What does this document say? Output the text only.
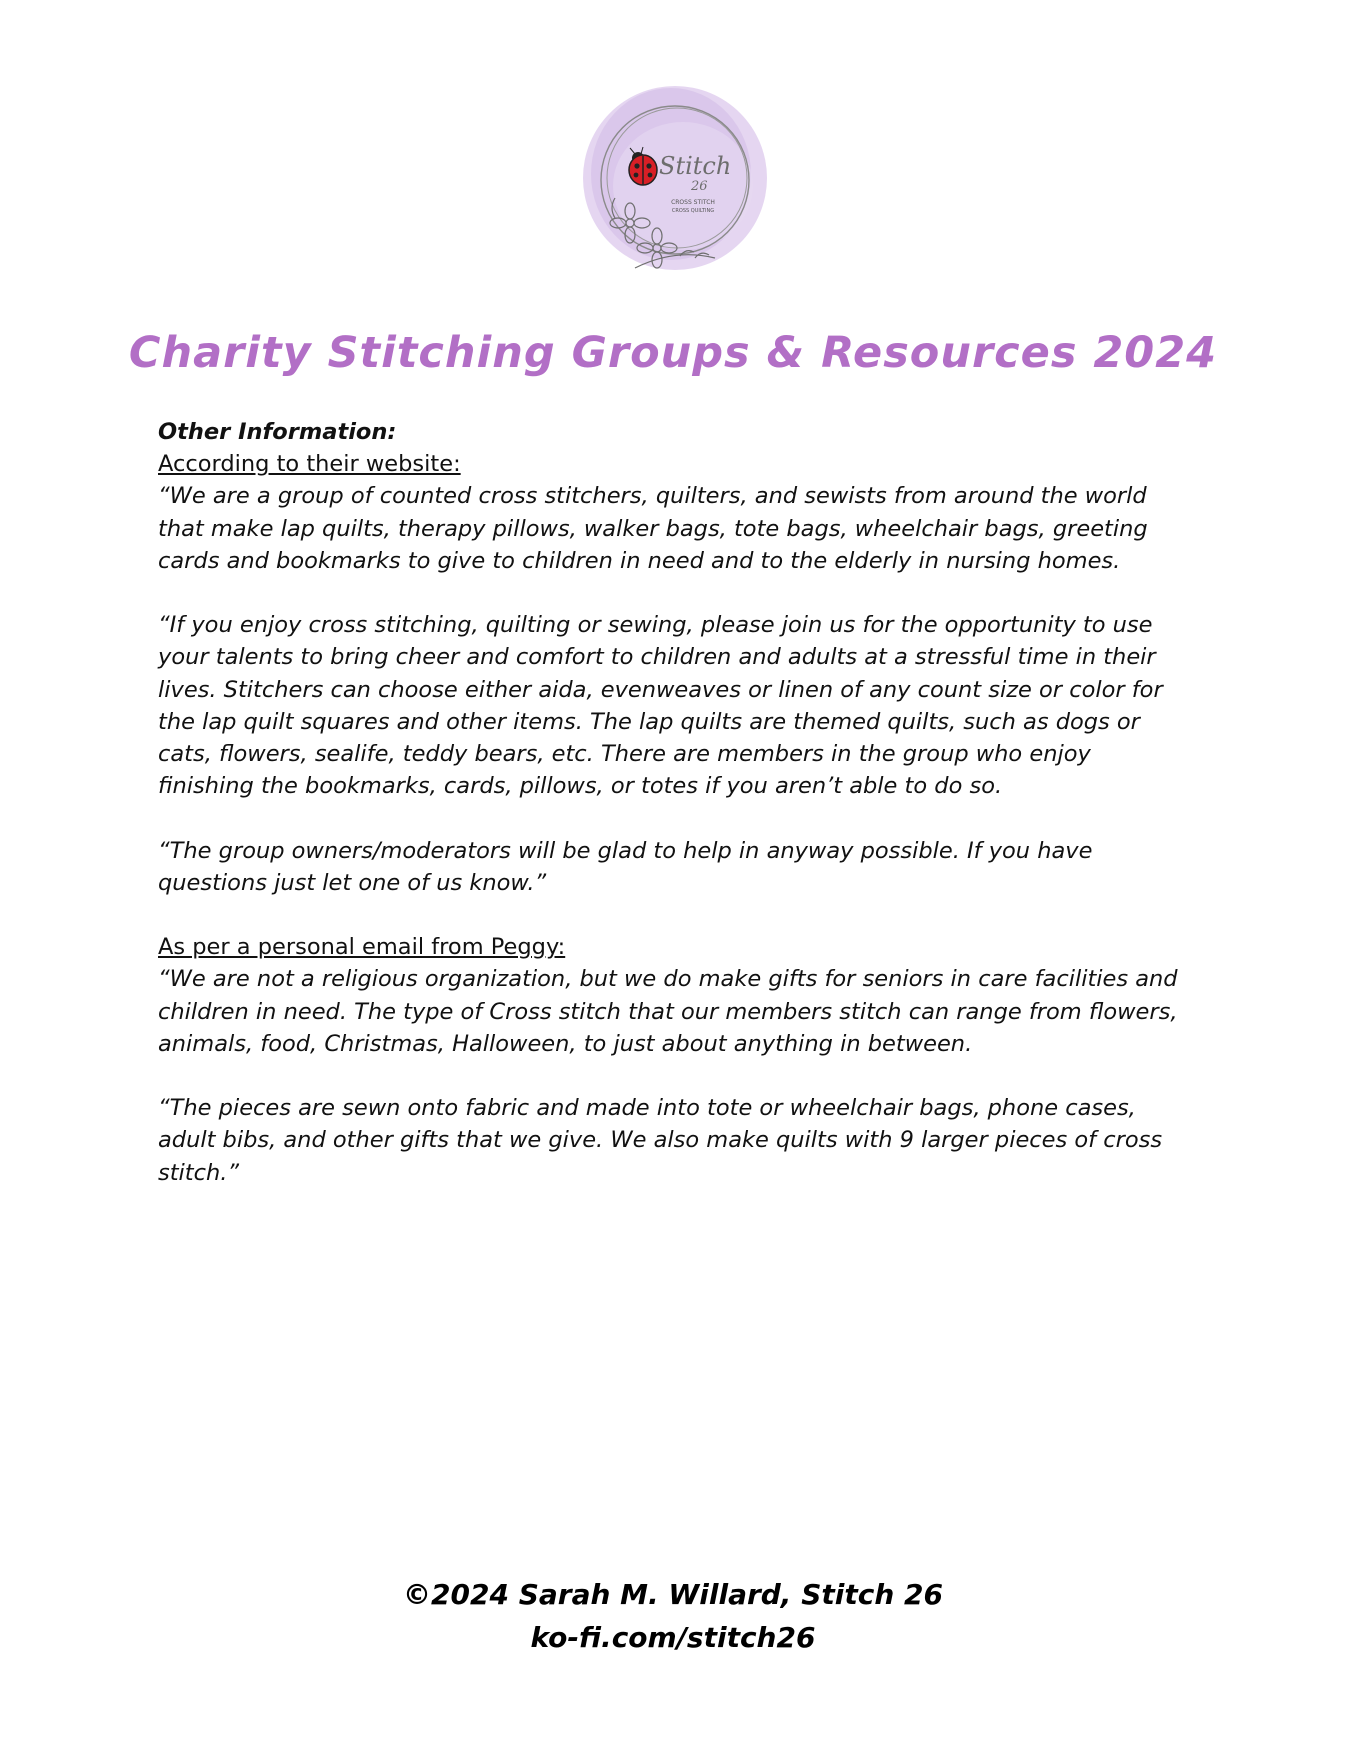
Stitch
26
CROSS STITCH
CROSS QUILTING
Charity Stitching Groups & Resources 2024

Other Information:

According to their website:

“We are a group of counted cross stitchers, quilters, and sewists from around the world that make lap quilts, therapy pillows, walker bags, tote bags, wheelchair bags, greeting cards and bookmarks to give to children in need and to the elderly in nursing homes.

“If you enjoy cross stitching, quilting or sewing, please join us for the opportunity to use your talents to bring cheer and comfort to children and adults at a stressful time in their lives. Stitchers can choose either aida, evenweaves or linen of any count size or color for the lap quilt squares and other items. The lap quilts are themed quilts, such as dogs or cats, flowers, sealife, teddy bears, etc. There are members in the group who enjoy finishing the bookmarks, cards, pillows, or totes if you aren’t able to do so.

“The group owners/moderators will be glad to help in anyway possible. If you have questions just let one of us know.”

As per a personal email from Peggy:

“We are not a religious organization, but we do make gifts for seniors in care facilities and children in need. The type of Cross stitch that our members stitch can range from flowers, animals, food, Christmas, Halloween, to just about anything in between.

“The pieces are sewn onto fabric and made into tote or wheelchair bags, phone cases, adult bibs, and other gifts that we give. We also make quilts with 9 larger pieces of cross stitch.”

©2024 Sarah M. Willard, Stitch 26

ko-fi.com/stitch26
